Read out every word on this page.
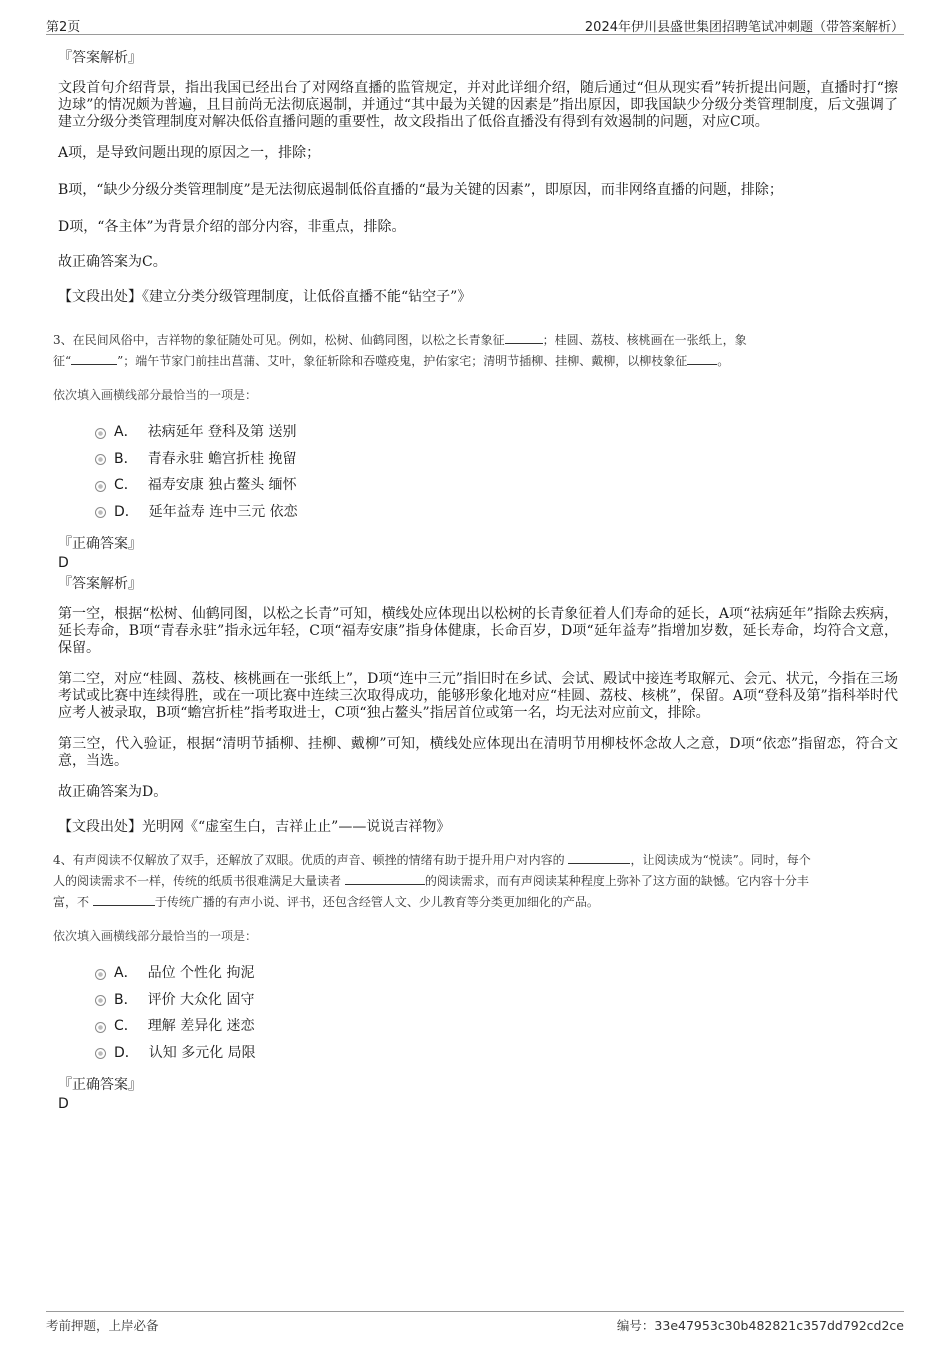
第2页	2024年伊川县盛世集团招聘笔试冲刺题（带答案解析）

『答案解析』

文段首句介绍背景，指出我国已经出台了对网络直播的监管规定，并对此详细介绍，随后通过“但从现实看”转折提出问题，直播时打“擦边球”的情况颇为普遍，且目前尚无法彻底遏制，并通过“其中最为关键的因素是”指出原因，即我国缺少分级分类管理制度，后文强调了建立分级分类管理制度对解决低俗直播问题的重要性，故文段指出了低俗直播没有得到有效遏制的问题，对应C项。

A项，是导致问题出现的原因之一，排除；

B项，“缺少分级分类管理制度”是无法彻底遏制低俗直播的“最为关键的因素”，即原因，而非网络直播的问题，排除；

D项，“各主体”为背景介绍的部分内容，非重点，排除。

故正确答案为C。

【文段出处】《建立分类分级管理制度，让低俗直播不能“钻空子”》

3、在民间风俗中，吉祥物的象征随处可见。例如，松树、仙鹤同图，以松之长青象征	；桂圆、荔枝、核桃画在一张纸上，象
征“	”；端午节家门前挂出菖蒲、艾叶，象征斩除和吞噬疫鬼，护佑家宅；清明节插柳、挂柳、戴柳，以柳枝象征	。

依次填入画横线部分最恰当的一项是：

A． 祛病延年 登科及第 送别
B． 青春永驻 蟾宫折桂 挽留
C． 福寿安康 独占鳌头 缅怀
D． 延年益寿 连中三元 依恋

『正确答案』

D

『答案解析』

第一空，根据“松树、仙鹤同图，以松之长青”可知，横线处应体现出以松树的长青象征着人们寿命的延长，A项“祛病延年”指除去疾病，延长寿命，B项“青春永驻”指永远年轻，C项“福寿安康”指身体健康，长命百岁，D项“延年益寿”指增加岁数，延长寿命，均符合文意，保留。

第二空，对应“桂圆、荔枝、核桃画在一张纸上”，D项“连中三元”指旧时在乡试、会试、殿试中接连考取解元、会元、状元，今指在三场考试或比赛中连续得胜，或在一项比赛中连续三次取得成功，能够形象化地对应“桂圆、荔枝、核桃”，保留。A项“登科及第”指科举时代应考人被录取，B项“蟾宫折桂”指考取进士，C项“独占鳌头”指居首位或第一名，均无法对应前文，排除。

第三空，代入验证，根据“清明节插柳、挂柳、戴柳”可知，横线处应体现出在清明节用柳枝怀念故人之意，D项“依恋”指留恋，符合文意，当选。

故正确答案为D。

【文段出处】光明网《“虚室生白，吉祥止止”——说说吉祥物》

4、有声阅读不仅解放了双手，还解放了双眼。优质的声音、顿挫的情绪有助于提升用户对内容的	，让阅读成为“悦读”。同时，每个
人的阅读需求不一样，传统的纸质书很难满足大量读者	的阅读需求，而有声阅读某种程度上弥补了这方面的缺憾。它内容十分丰
富，不	于传统广播的有声小说、评书，还包含经管人文、少儿教育等分类更加细化的产品。

依次填入画横线部分最恰当的一项是：

A． 品位 个性化 拘泥
B． 评价 大众化 固守
C． 理解 差异化 迷恋
D． 认知 多元化 局限

『正确答案』

D

考前押题，上岸必备	编号：33e47953c30b482821c357dd792cd2ce
